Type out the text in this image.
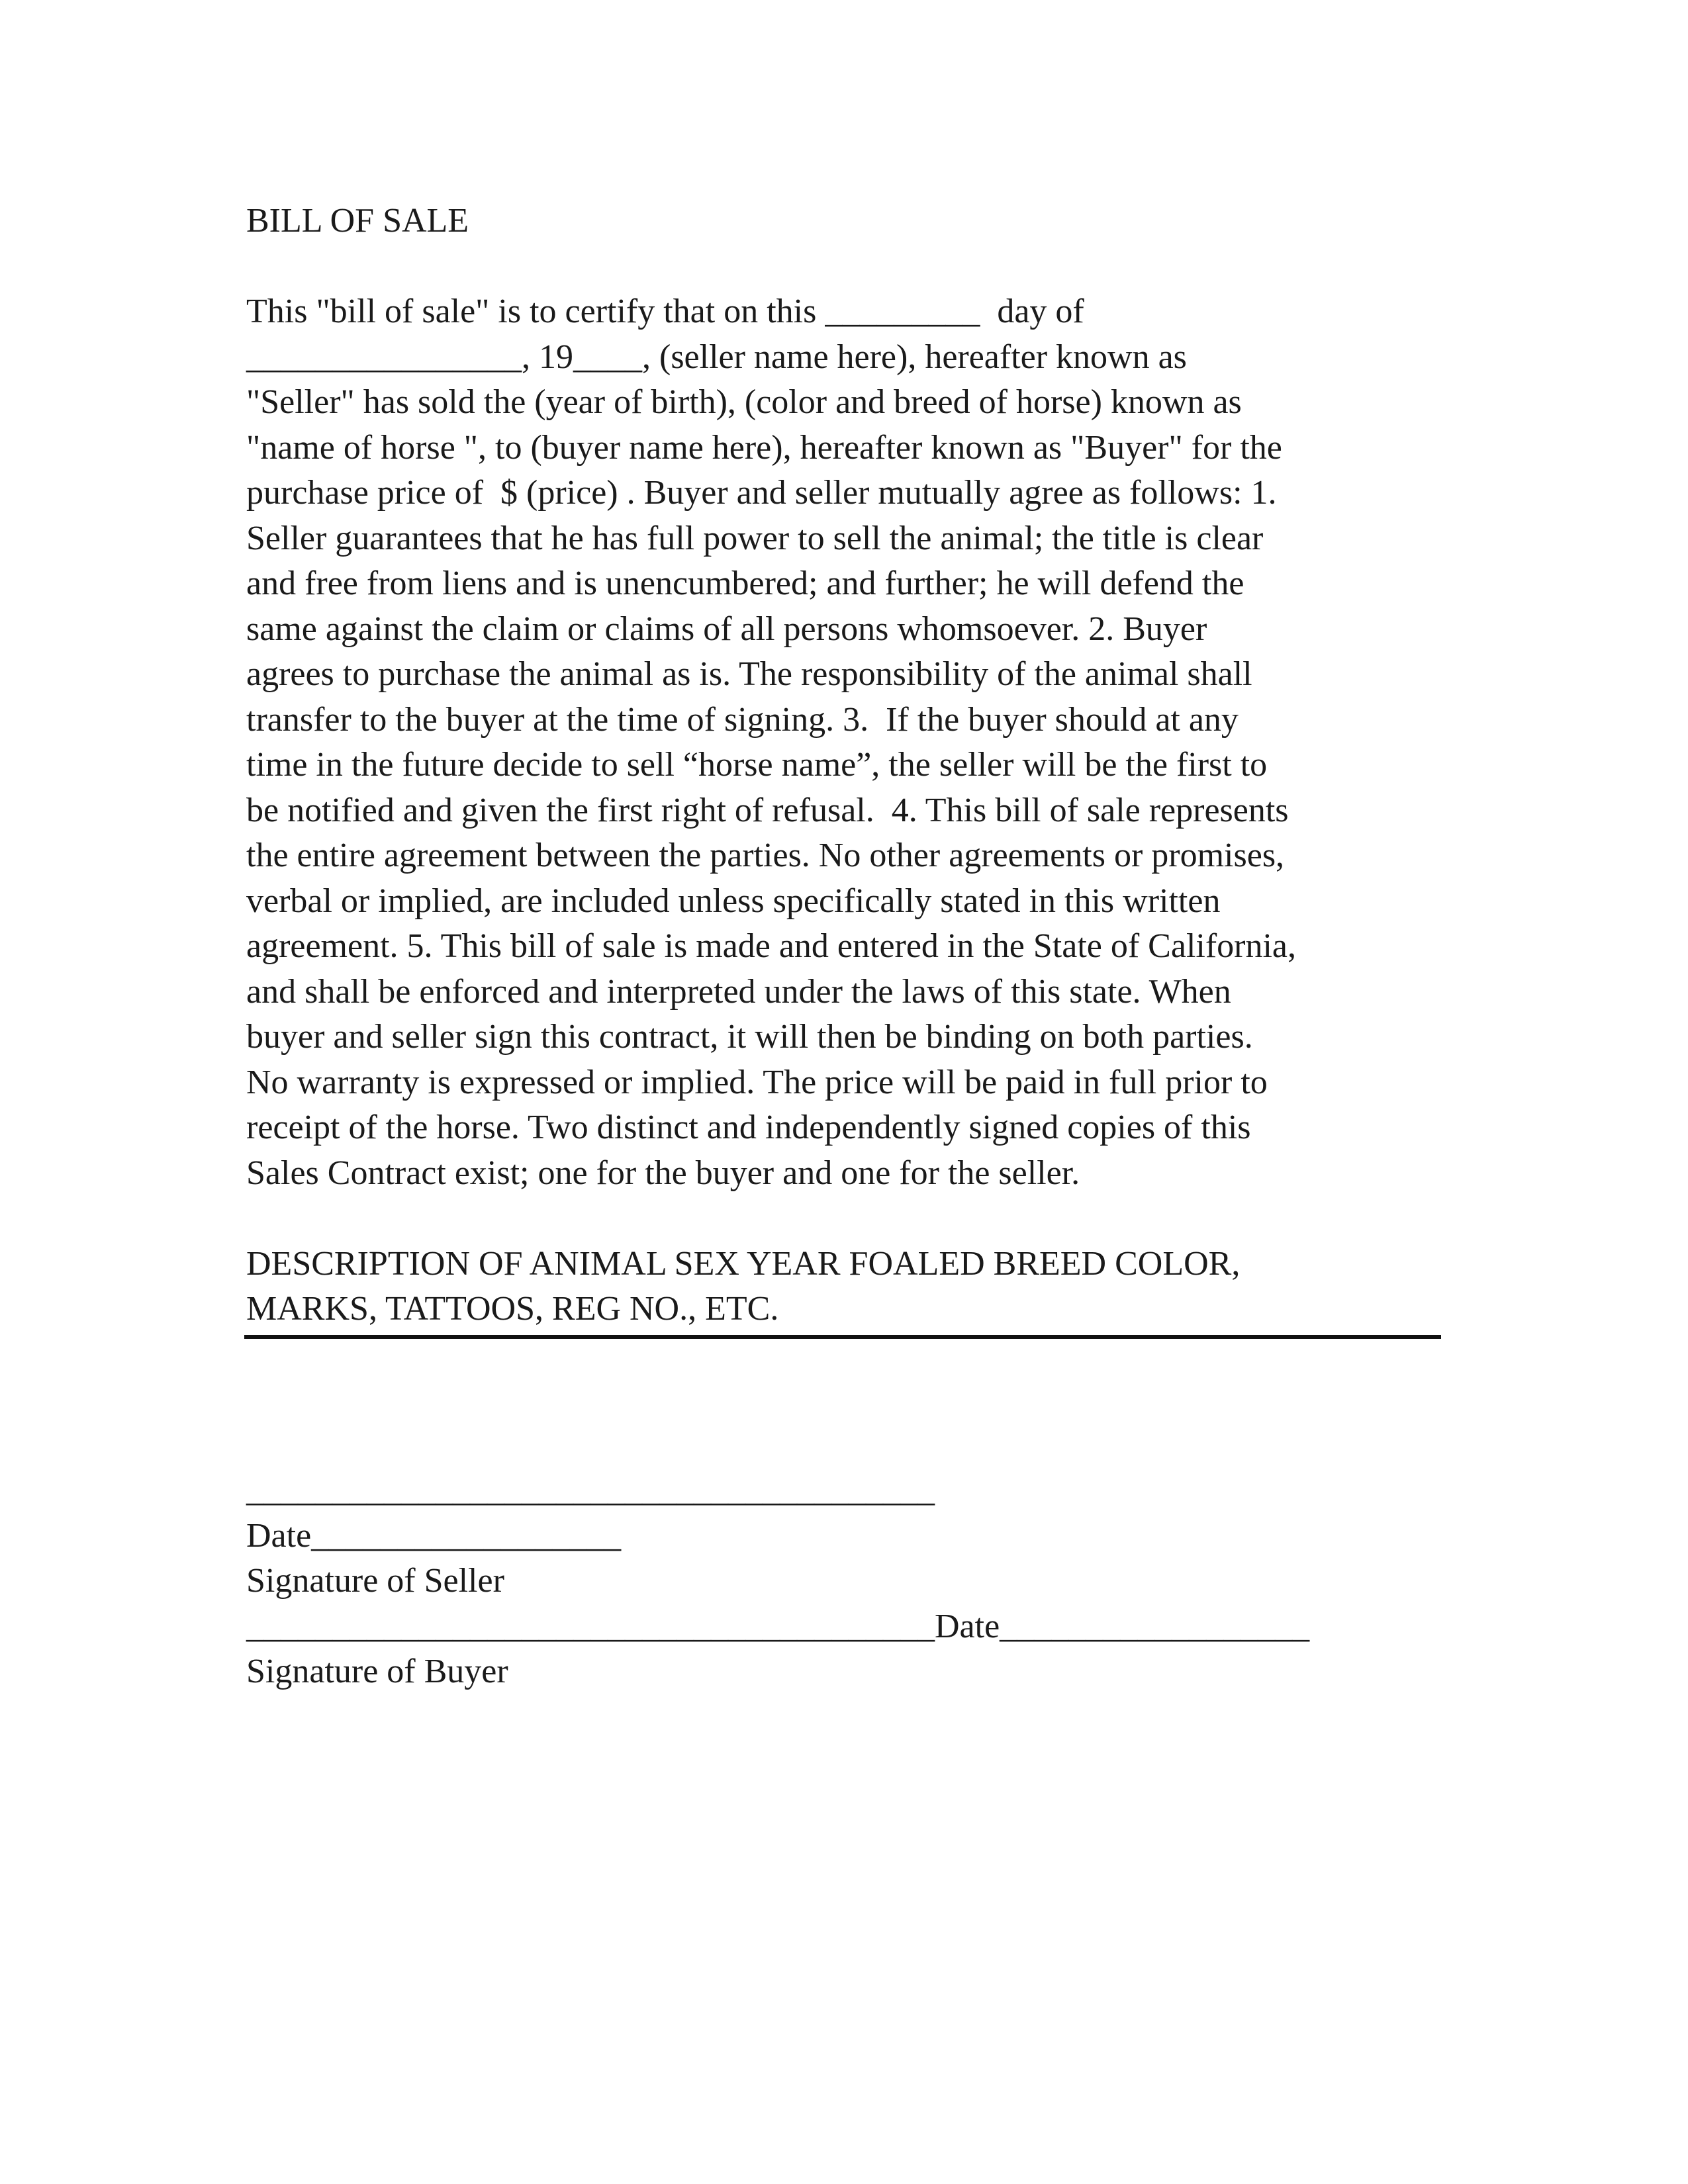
BILL OF SALE

This "bill of sale" is to certify that on this _________  day of

________________, 19____, (seller name here), hereafter known as

"Seller" has sold the (year of birth), (color and breed of horse) known as

"name of horse ", to (buyer name here), hereafter known as "Buyer" for the

purchase price of  $ (price) . Buyer and seller mutually agree as follows: 1.

Seller guarantees that he has full power to sell the animal; the title is clear

and free from liens and is unencumbered; and further; he will defend the

same against the claim or claims of all persons whomsoever. 2. Buyer

agrees to purchase the animal as is. The responsibility of the animal shall

transfer to the buyer at the time of signing. 3.  If the buyer should at any

time in the future decide to sell “horse name”, the seller will be the first to

be notified and given the first right of refusal.  4. This bill of sale represents

the entire agreement between the parties. No other agreements or promises,

verbal or implied, are included unless specifically stated in this written

agreement. 5. This bill of sale is made and entered in the State of California,

and shall be enforced and interpreted under the laws of this state. When

buyer and seller sign this contract, it will then be binding on both parties.

No warranty is expressed or implied. The price will be paid in full prior to

receipt of the horse. Two distinct and independently signed copies of this

Sales Contract exist; one for the buyer and one for the seller.

DESCRIPTION OF ANIMAL SEX YEAR FOALED BREED COLOR,

MARKS, TATTOOS, REG NO., ETC.

________________________________________

Date__________________

Signature of Seller

________________________________________Date__________________

Signature of Buyer
